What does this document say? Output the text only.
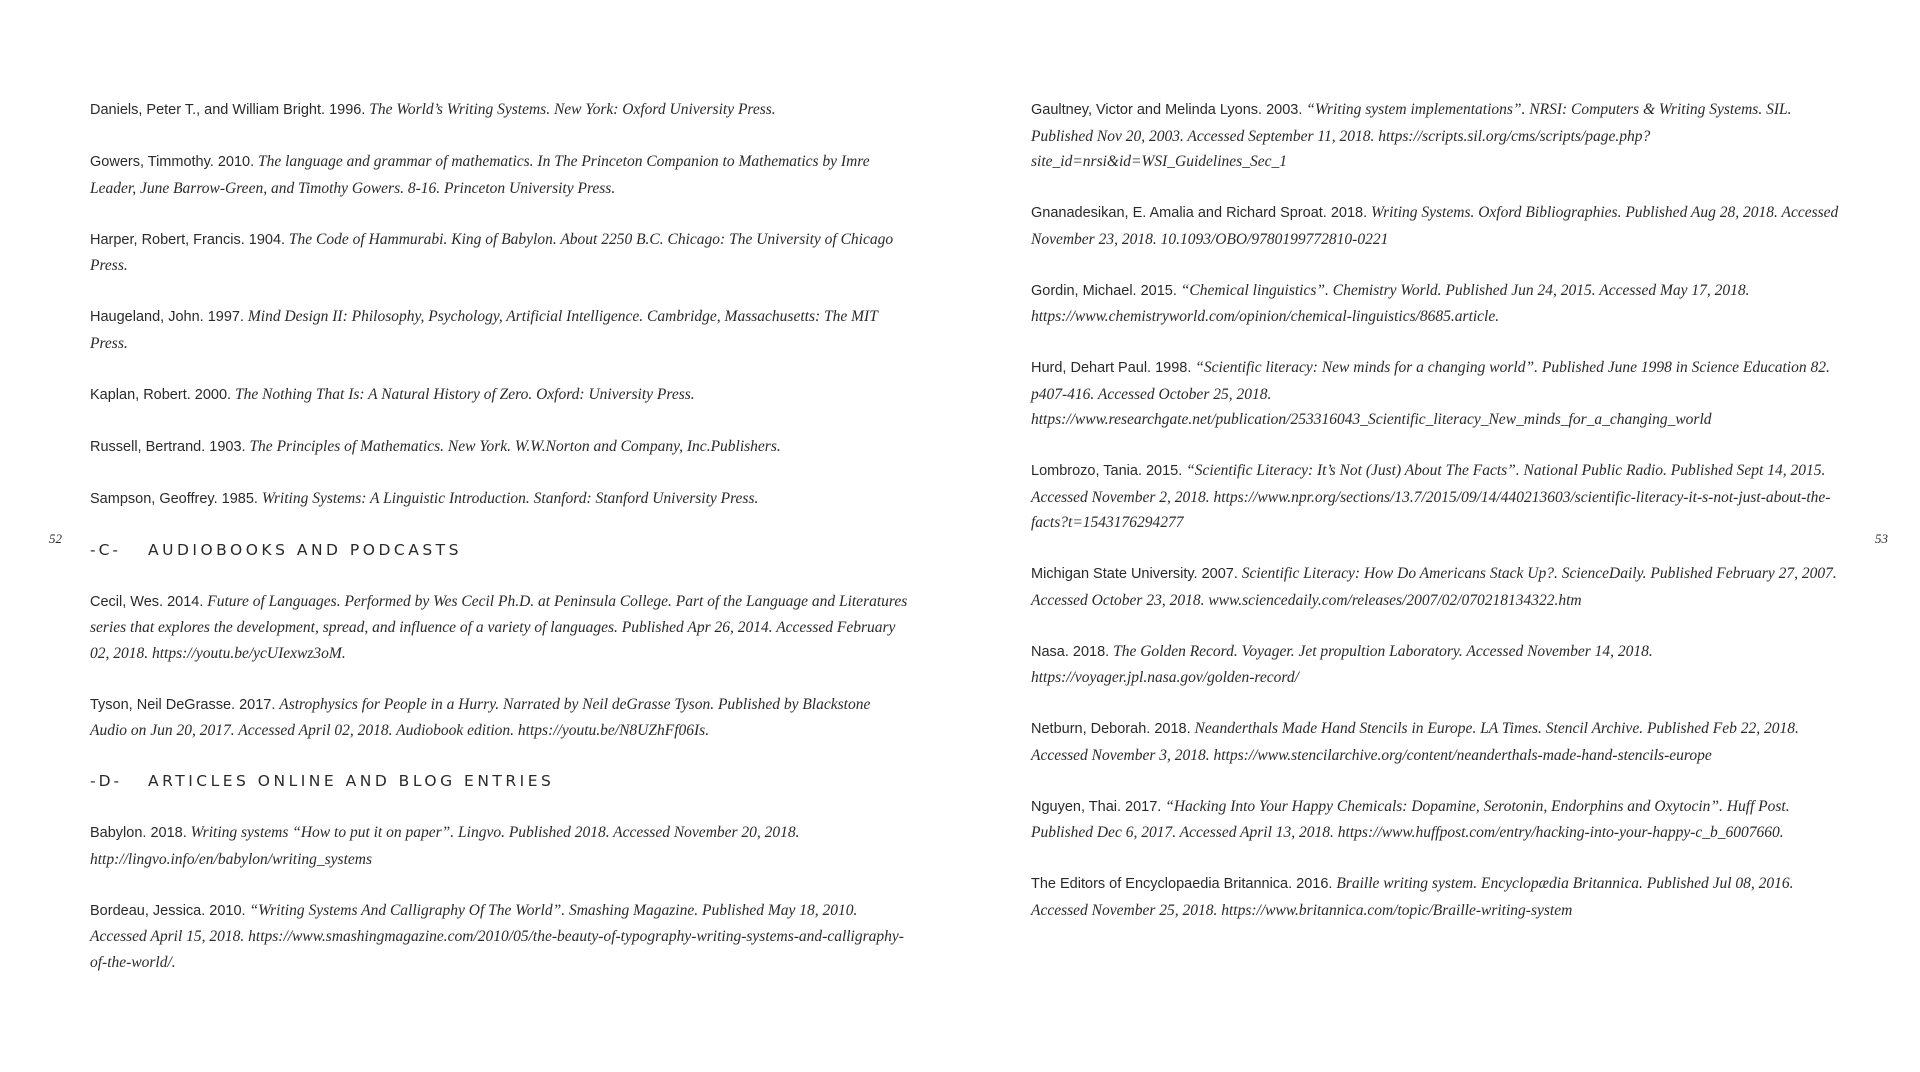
52
Daniels, Peter T., and William Bright. 1996. The World’s Writing Systems. New York: Oxford University Press.
Gowers, Timmothy. 2010. The language and grammar of mathematics. In The Princeton Companion to Mathematics by Imre Leader, June Barrow-Green, and Timothy Gowers. 8-16. Princeton University Press.
Harper, Robert, Francis. 1904. The Code of Hammurabi. King of Babylon. About 2250 B.C. Chicago: The University of Chicago Press.
Haugeland, John. 1997. Mind Design II: Philosophy, Psychology, Artificial Intelligence. Cambridge, Massachusetts: The MIT Press.
Kaplan, Robert. 2000. The Nothing That Is: A Natural History of Zero. Oxford: University Press.
Russell, Bertrand. 1903. The Principles of Mathematics. New York. W.W.Norton and Company, Inc.Publishers.
Sampson, Geoffrey. 1985. Writing Systems: A Linguistic Introduction. Stanford: Stanford University Press.
-C- AUDIOBOOKS AND PODCASTS
Cecil, Wes. 2014. Future of Languages. Performed by Wes Cecil Ph.D. at Peninsula College. Part of the Language and Literatures series that explores the development, spread, and influence of a variety of languages. Published Apr 26, 2014. Accessed February 02, 2018. https://youtu.be/ycUIexwz3oM.
Tyson, Neil DeGrasse. 2017. Astrophysics for People in a Hurry. Narrated by Neil deGrasse Tyson. Published by Blackstone Audio on Jun 20, 2017. Accessed April 02, 2018. Audiobook edition. https://youtu.be/N8UZhFf06Is.
-D- ARTICLES ONLINE AND BLOG ENTRIES
Babylon. 2018. Writing systems “How to put it on paper”. Lingvo. Published 2018. Accessed November 20, 2018. http://lingvo.info/en/babylon/writing_systems
Bordeau, Jessica. 2010. “Writing Systems And Calligraphy Of The World”. Smashing Magazine. Published May 18, 2010. Accessed April 15, 2018. https://www.smashingmagazine.com/2010/05/the-beauty-of-typography-writing-systems-and-calligraphy-of-the-world/.
53
Gaultney, Victor and Melinda Lyons. 2003. “Writing system implementations”. NRSI: Computers & Writing Systems. SIL. Published Nov 20, 2003. Accessed September 11, 2018. https://scripts.sil.org/cms/scripts/page.php? site_id=nrsi&id=WSI_Guidelines_Sec_1
Gnanadesikan, E. Amalia and Richard Sproat. 2018. Writing Systems. Oxford Bibliographies. Published Aug 28, 2018. Accessed November 23, 2018. 10.1093/OBO/9780199772810-0221
Gordin, Michael. 2015. “Chemical linguistics”. Chemistry World. Published Jun 24, 2015. Accessed May 17, 2018. https://www.chemistryworld.com/opinion/chemical-linguistics/8685.article.
Hurd, Dehart Paul. 1998. “Scientific literacy: New minds for a changing world”. Published June 1998 in Science Education 82. p407-416. Accessed October 25, 2018. https://www.researchgate.net/publication/253316043_Scientific_literacy_New_minds_for_a_changing_world
Lombrozo, Tania. 2015. “Scientific Literacy: It’s Not (Just) About The Facts”. National Public Radio. Published Sept 14, 2015. Accessed November 2, 2018. https://www.npr.org/sections/13.7/2015/09/14/440213603/scientific-literacy-it-s-not-just-about-the-facts?t=1543176294277
Michigan State University. 2007. Scientific Literacy: How Do Americans Stack Up?. ScienceDaily. Published February 27, 2007. Accessed October 23, 2018. www.sciencedaily.com/releases/2007/02/070218134322.htm
Nasa. 2018. The Golden Record. Voyager. Jet propultion Laboratory. Accessed November 14, 2018. https://voyager.jpl.nasa.gov/golden-record/
Netburn, Deborah. 2018. Neanderthals Made Hand Stencils in Europe. LA Times. Stencil Archive. Published Feb 22, 2018. Accessed November 3, 2018. https://www.stencilarchive.org/content/neanderthals-made-hand-stencils-europe
Nguyen, Thai. 2017. “Hacking Into Your Happy Chemicals: Dopamine, Serotonin, Endorphins and Oxytocin”. Huff Post. Published Dec 6, 2017. Accessed April 13, 2018. https://www.huffpost.com/entry/hacking-into-your-happy-c_b_6007660.
The Editors of Encyclopaedia Britannica. 2016. Braille writing system. Encyclopædia Britannica. Published Jul 08, 2016. Accessed November 25, 2018. https://www.britannica.com/topic/Braille-writing-system
